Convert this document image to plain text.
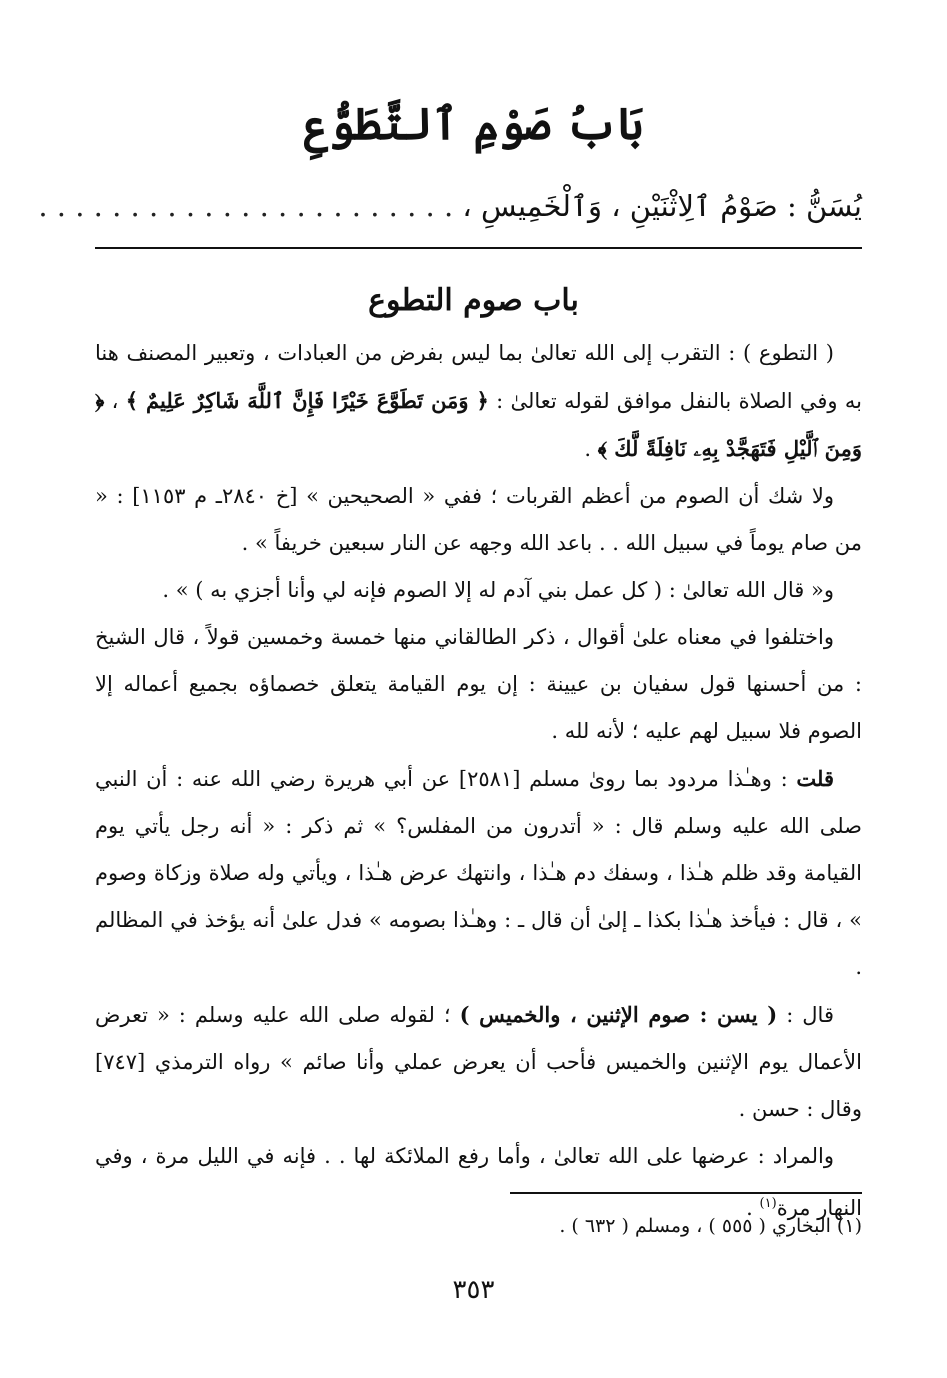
بَابُ صَوْمِ ٱلتَّطَوُّعِ
يُسَنُّ : صَوْمُ ٱلِاثْنَيْنِ ، وَٱلْخَمِيسِ ، . . . . . . . . . . . . . . . . . . . . . . .
باب صوم التطوع

( التطوع ) : التقرب إلى الله تعالىٰ بما ليس بفرض من العبادات ، وتعبير المصنف هنا به وفي الصلاة بالنفل موافق لقوله تعالىٰ : ﴿ وَمَن تَطَوَّعَ خَيْرًا فَإِنَّ ٱللَّهَ شَاكِرٌ عَلِيمٌ ﴾ ، ﴿ وَمِنَ ٱلَّيْلِ فَتَهَجَّدْ بِهِۦ نَافِلَةً لَّكَ ﴾ .

ولا شك أن الصوم من أعظم القربات ؛ ففي « الصحيحين » [خ ٢٨٤٠ـ م ١١٥٣] : « من صام يوماً في سبيل الله . . باعد الله وجهه عن النار سبعين خريفاً » .

و« قال الله تعالىٰ : ( كل عمل بني آدم له إلا الصوم فإنه لي وأنا أجزي به ) » .

واختلفوا في معناه علىٰ أقوال ، ذكر الطالقاني منها خمسة وخمسين قولاً ، قال الشيخ : من أحسنها قول سفيان بن عيينة : إن يوم القيامة يتعلق خصماؤه بجميع أعماله إلا الصوم فلا سبيل لهم عليه ؛ لأنه لله .

قلت : وهـٰذا مردود بما روىٰ مسلم [٢٥٨١] عن أبي هريرة رضي الله عنه : أن النبي صلى الله عليه وسلم قال : « أتدرون من المفلس؟ » ثم ذكر : « أنه رجل يأتي يوم القيامة وقد ظلم هـٰذا ، وسفك دم هـٰذا ، وانتهك عرض هـٰذا ، ويأتي وله صلاة وزكاة وصوم » ، قال : فيأخذ هـٰذا بكذا ـ إلىٰ أن قال ـ : وهـٰذا بصومه » فدل علىٰ أنه يؤخذ في المظالم .

قال : ( يسن : صوم الإثنين ، والخميس ) ؛ لقوله صلى الله عليه وسلم : « تعرض الأعمال يوم الإثنين والخميس فأحب أن يعرض عملي وأنا صائم » رواه الترمذي [٧٤٧] وقال : حسن .

والمراد : عرضها على الله تعالىٰ ، وأما رفع الملائكة لها . . فإنه في الليل مرة ، وفي النهار مرة$^{(١)}$ .

(١) البخاري ( ٥٥٥ ) ، ومسلم ( ٦٣٢ ) .
٣٥٣
